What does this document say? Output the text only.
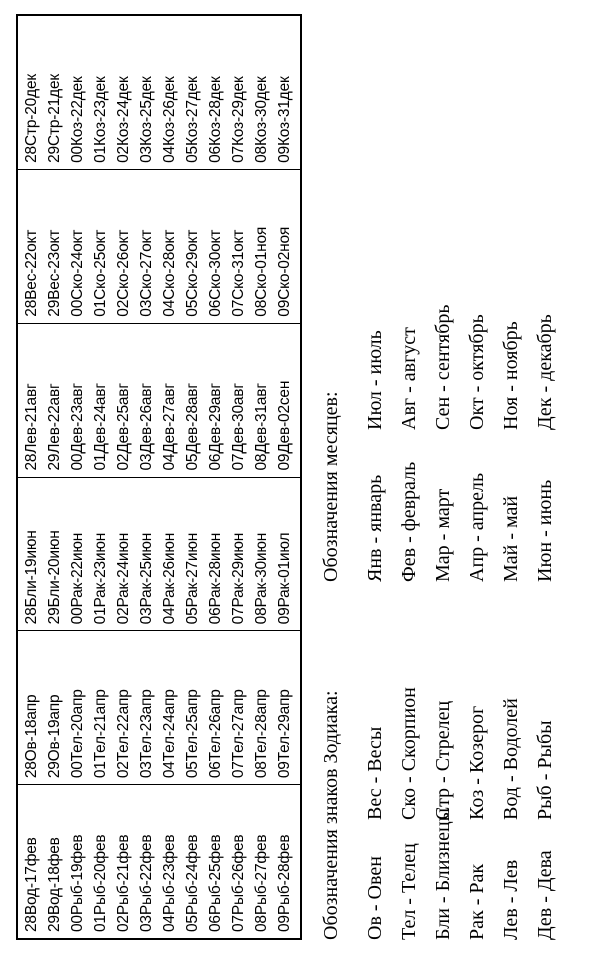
28Вод-17фев 29Вод-18фев 00Рыб-19фев 01Рыб-20фев 02Рыб-21фев 03Рыб-22фев 04Рыб-23фев 05Рыб-24фев 06Рыб-25фев 07Рыб-26фев 08Рыб-27фев 09Рыб-28фев
28Ов-18апр 29Ов-19апр 00Тел-20апр 01Тел-21апр 02Тел-22апр 03Тел-23апр 04Тел-24апр 05Тел-25апр 06Тел-26апр 07Тел-27апр 08Тел-28апр 09Тел-29апр
28Бли-19июн 29Бли-20июн 00Рак-22июн 01Рак-23июн 02Рак-24июн 03Рак-25июн 04Рак-26июн 05Рак-27июн 06Рак-28июн 07Рак-29июн 08Рак-30июн 09Рак-01июл
28Лев-21авг 29Лев-22авг 00Дев-23авг 01Дев-24авг 02Дев-25авг 03Дев-26авг 04Дев-27авг 05Дев-28авг 06Дев-29авг 07Дев-30авг 08Дев-31авг 09Дев-02сен
28Вес-22окт 29Вес-23окт 00Ско-24окт 01Ско-25окт 02Ско-26окт 03Ско-27окт 04Ско-28окт 05Ско-29окт 06Ско-30окт 07Ско-31окт 08Ско-01ноя 09Ско-02ноя
28Стр-20дек 29Стр-21дек 00Коз-22дек 01Коз-23дек 02Коз-24дек 03Коз-25дек 04Коз-26дек 05Коз-27дек 06Коз-28дек 07Коз-29дек 08Коз-30дек 09Коз-31дек
Обозначения знаков Зодиака:
Обозначения месяцев:
Ов - Овен Тел - Телец Бли - Близнецы Рак - Рак Лев - Лев Дев - Дева
Вес - Весы Ско - Скорпион Стр - Стрелец Коз - Козерог Вод - Водолей Рыб - Рыбы
Янв - январь Фев - февраль Мар - март Апр - апрель Май - май Июн - июнь
Июл - июль Авг - август Сен - сентябрь Окт - октябрь Ноя - ноябрь Дек - декабрь
